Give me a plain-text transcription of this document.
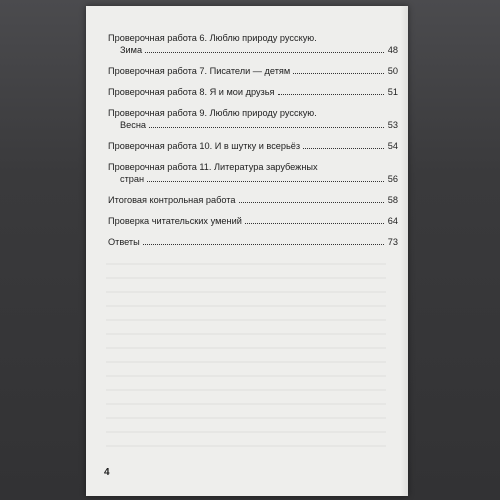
Проверочная работа 6. Люблю природу русскую.
Зима	48
Проверочная работа 7. Писатели — детям	50
Проверочная работа 8. Я и мои друзья	51
Проверочная работа 9. Люблю природу русскую.
Весна	53
Проверочная работа 10. И в шутку и всерьёз	54
Проверочная работа 11. Литература зарубежных
стран	56
Итоговая контрольная работа	58
Проверка читательских умений	64
Ответы	73
4
